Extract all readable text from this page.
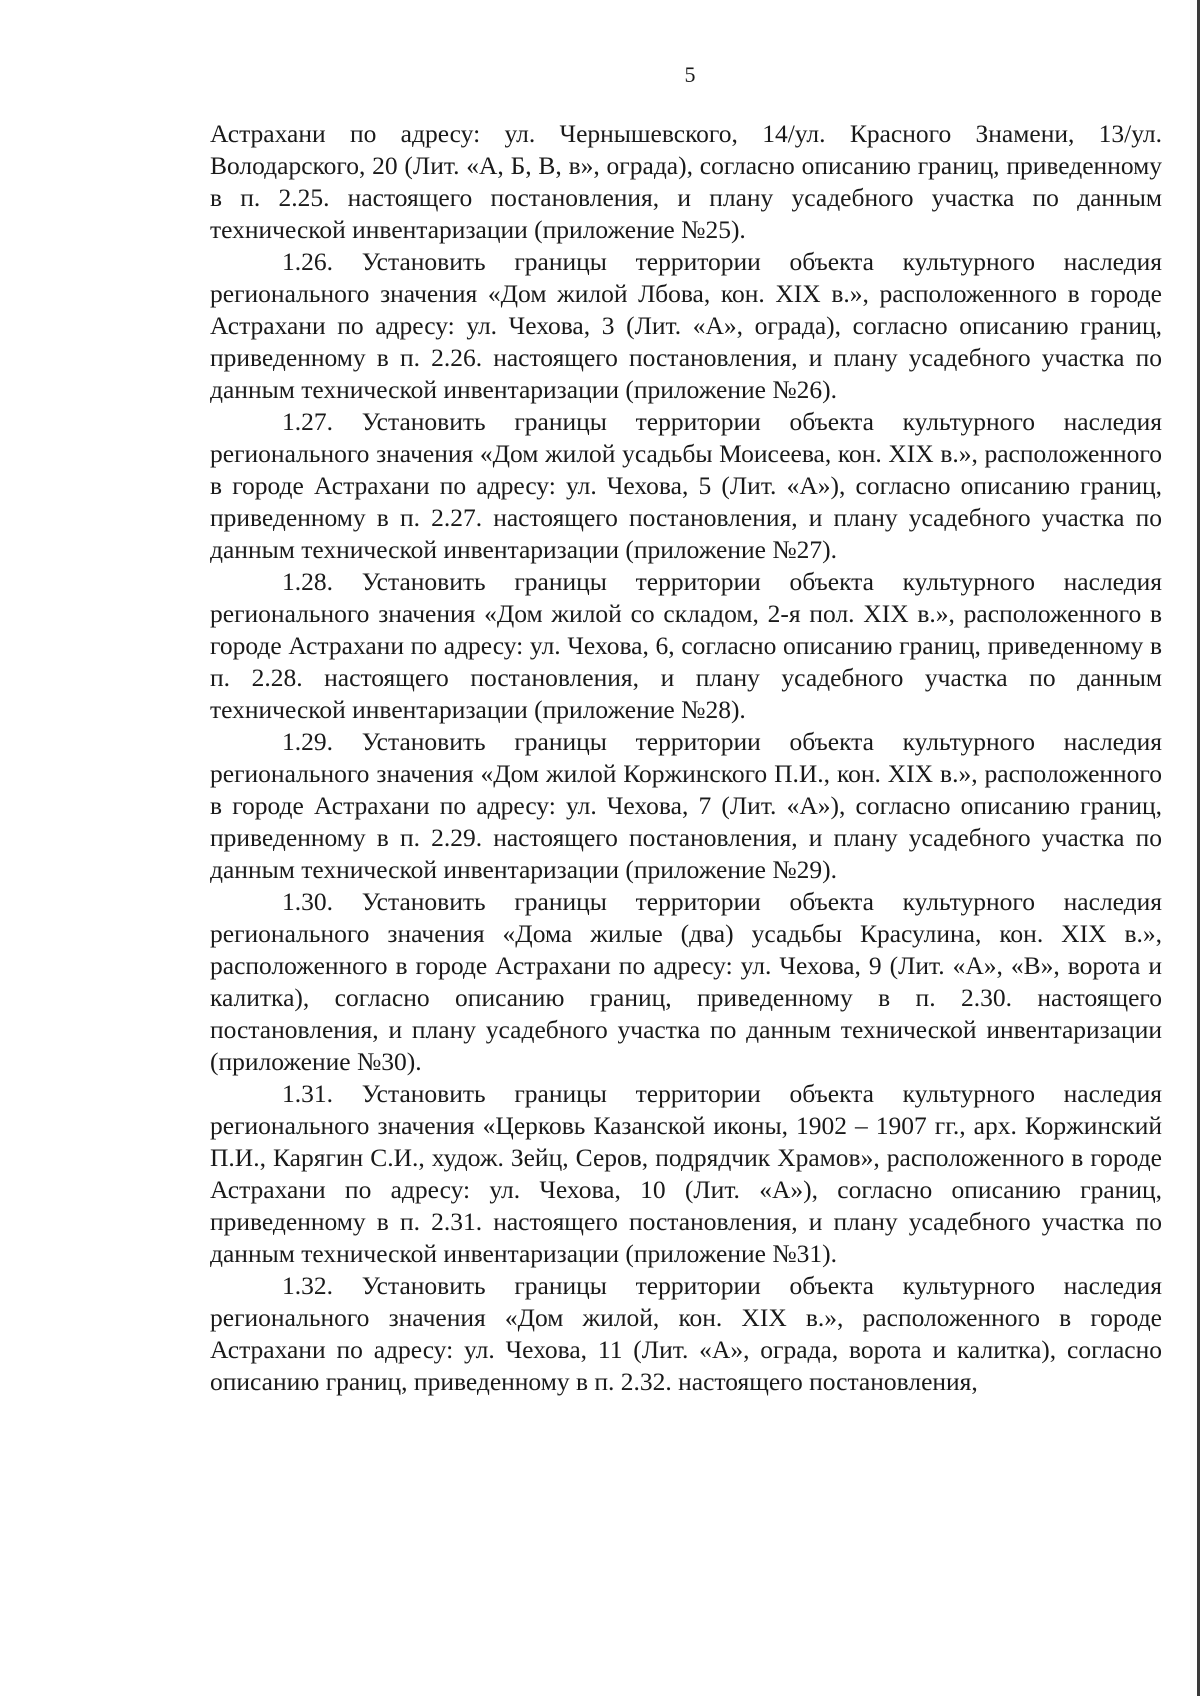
5

Астрахани по адресу: ул. Чернышевского, 14/ул. Красного Знамени, 13/ул. Володарского, 20 (Лит. «А, Б, В, в», ограда), согласно описанию границ, приведенному в п. 2.25. настоящего постановления, и плану усадебного участка по данным технической инвентаризации (приложение №25).

1.26. Установить границы территории объекта культурного наследия регионального значения «Дом жилой Лбова, кон. XIX в.», расположенного в городе Астрахани по адресу: ул. Чехова, 3 (Лит. «А», ограда), согласно описанию границ, приведенному в п. 2.26. настоящего постановления, и плану усадебного участка по данным технической инвентаризации (приложение №26).

1.27. Установить границы территории объекта культурного наследия регионального значения «Дом жилой усадьбы Моисеева, кон. XIX в.», расположенного в городе Астрахани по адресу: ул. Чехова, 5 (Лит. «А»), согласно описанию границ, приведенному в п. 2.27. настоящего постановления, и плану усадебного участка по данным технической инвентаризации (приложение №27).

1.28. Установить границы территории объекта культурного наследия регионального значения «Дом жилой со складом, 2-я пол. XIX в.», расположенного в городе Астрахани по адресу: ул. Чехова, 6, согласно описанию границ, приведенному в п. 2.28. настоящего постановления, и плану усадебного участка по данным технической инвентаризации (приложение №28).

1.29. Установить границы территории объекта культурного наследия регионального значения «Дом жилой Коржинского П.И., кон. XIX в.», расположенного в городе Астрахани по адресу: ул. Чехова, 7 (Лит. «А»), согласно описанию границ, приведенному в п. 2.29. настоящего постановления, и плану усадебного участка по данным технической инвентаризации (приложение №29).

1.30. Установить границы территории объекта культурного наследия регионального значения «Дома жилые (два) усадьбы Красулина, кон. XIX в.», расположенного в городе Астрахани по адресу: ул. Чехова, 9 (Лит. «А», «В», ворота и калитка), согласно описанию границ, приведенному в п. 2.30. настоящего постановления, и плану усадебного участка по данным технической инвентаризации (приложение №30).

1.31. Установить границы территории объекта культурного наследия регионального значения «Церковь Казанской иконы, 1902 – 1907 гг., арх. Коржинский П.И., Карягин С.И., худож. Зейц, Серов, подрядчик Храмов», расположенного в городе Астрахани по адресу: ул. Чехова, 10 (Лит. «А»), согласно описанию границ, приведенному в п. 2.31. настоящего постановления, и плану усадебного участка по данным технической инвентаризации (приложение №31).

1.32. Установить границы территории объекта культурного наследия регионального значения «Дом жилой, кон. XIX в.», расположенного в городе Астрахани по адресу: ул. Чехова, 11 (Лит. «А», ограда, ворота и калитка), согласно описанию границ, приведенному в п. 2.32. настоящего постановления,
